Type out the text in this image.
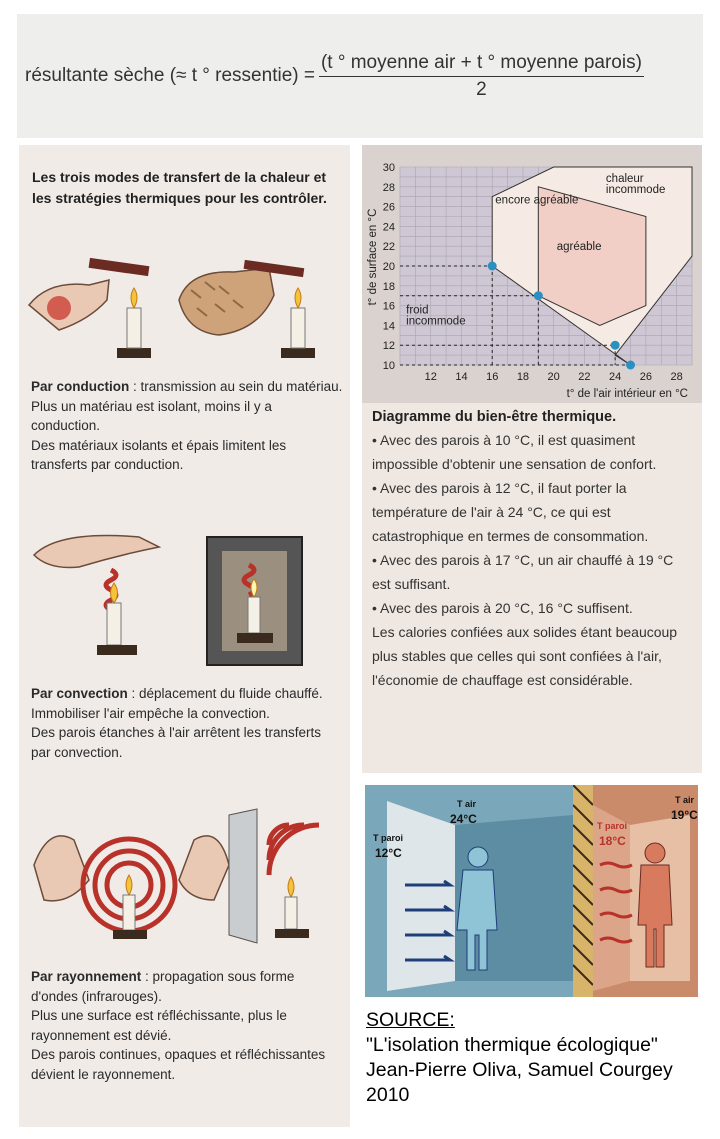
résultante sèche (≈ t ° ressentie) = $\frac{\text{(t ° moyenne air + t ° moyenne parois)}}{2}$
Les trois modes de transfert de la chaleur et les stratégies thermiques pour les contrôler.
Par conduction : transmission au sein du matériau.
Plus un matériau est isolant, moins il y a conduction.
Des matériaux isolants et épais limitent les transferts par conduction.
Par convection : déplacement du fluide chauffé.
Immobiliser l'air empêche la convection.
Des parois étanches à l'air arrêtent les transferts par convection.
Par rayonnement : propagation sous forme d'ondes (infrarouges).
Plus une surface est réfléchissante, plus le rayonnement est dévié.
Des parois continues, opaques et réfléchissantes dévient le rayonnement.
12 14 16 18 20 22 24 26 28
10
12
14
16
18
20
22
24
26
28
30
encore agréable
agréable
chaleur incommode
froid incommode
t° de l'air intérieur en °C
t° de surface en °C
Diagramme du bien-être thermique.

• Avec des parois à 10 °C, il est quasiment impossible d'obtenir une sensation de confort.

• Avec des parois à 12 °C, il faut porter la température de l'air à 24 °C, ce qui est catastrophique en termes de consommation.

• Avec des parois à 17 °C, un air chauffé à 19 °C est suffisant.

• Avec des parois à 20 °C, 16 °C suffisent.

Les calories confiées aux solides étant beaucoup plus stables que celles qui sont confiées à l'air, l'économie de chauffage est considérable.

T air
24°C
T paroi
12°C
T air
19°C
T paroi
18°C
SOURCE:
"L'isolation thermique écologique"
Jean-Pierre Oliva, Samuel Courgey
2010
